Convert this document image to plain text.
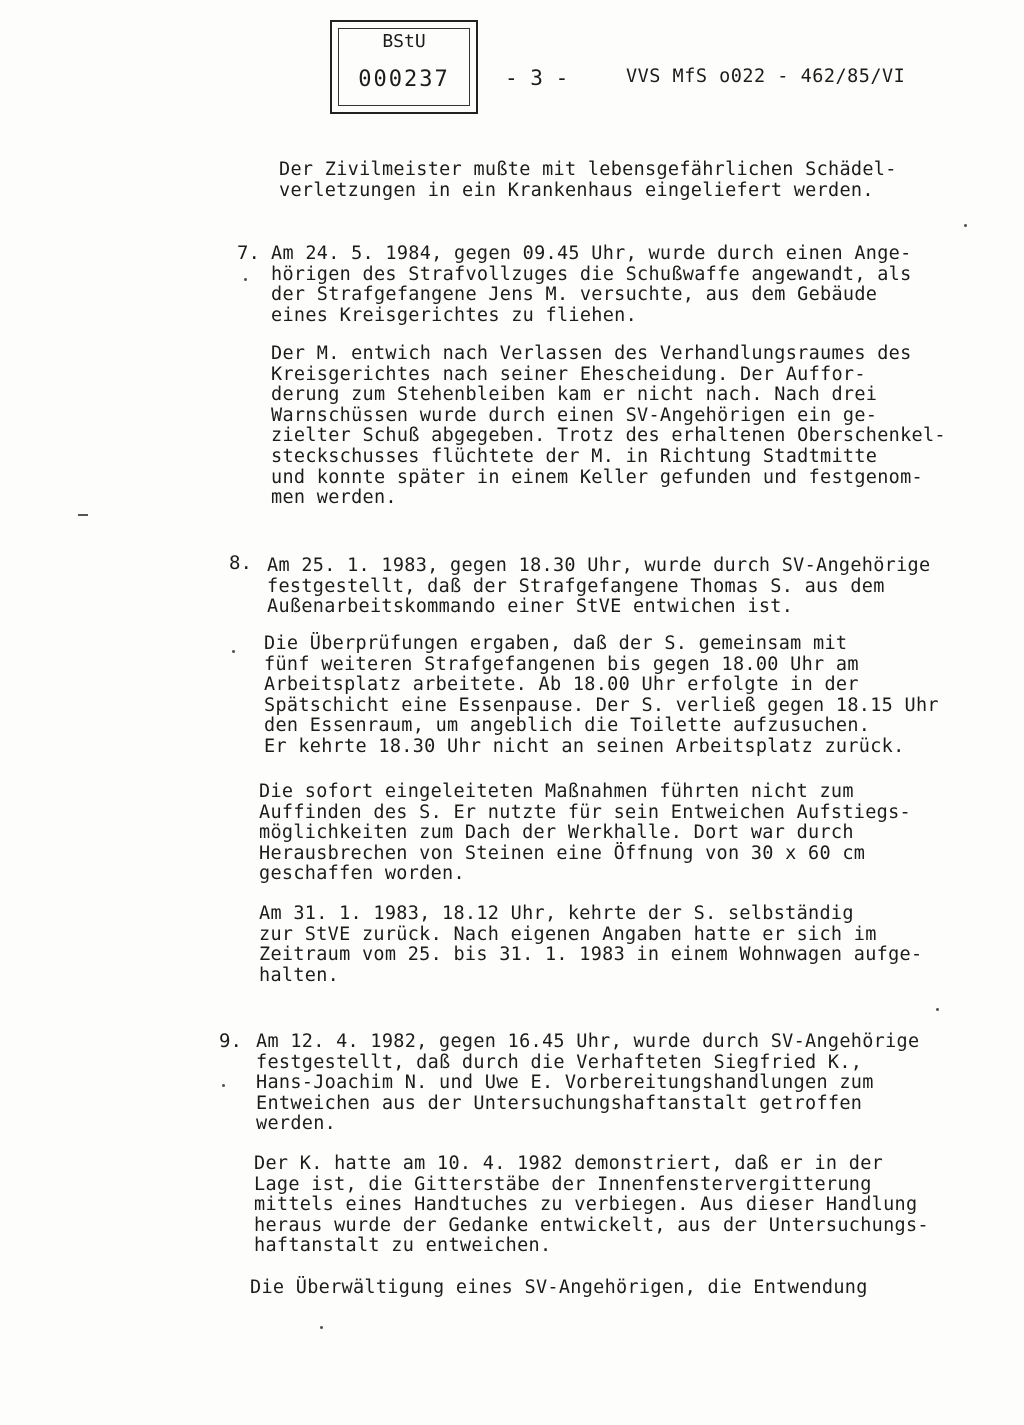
BStU
000237	- 3 -	VVS MfS o022 - 462/85/VI

Der Zivilmeister mußte mit lebensgefährlichen Schädel-
verletzungen in ein Krankenhaus eingeliefert werden.

7. Am 24. 5. 1984, gegen 09.45 Uhr, wurde durch einen Ange-
hörigen des Strafvollzuges die Schußwaffe angewandt, als
der Strafgefangene Jens M. versuchte, aus dem Gebäude
eines Kreisgerichtes zu fliehen.

Der M. entwich nach Verlassen des Verhandlungsraumes des
Kreisgerichtes nach seiner Ehescheidung. Der Auffor-
derung zum Stehenbleiben kam er nicht nach. Nach drei
Warnschüssen wurde durch einen SV-Angehörigen ein ge-
zielter Schuß abgegeben. Trotz des erhaltenen Oberschenkel-
steckschusses flüchtete der M. in Richtung Stadtmitte
und konnte später in einem Keller gefunden und festgenom-
men werden.

8. Am 25. 1. 1983, gegen 18.30 Uhr, wurde durch SV-Angehörige
festgestellt, daß der Strafgefangene Thomas S. aus dem
Außenarbeitskommando einer StVE entwichen ist.

Die Überprüfungen ergaben, daß der S. gemeinsam mit
fünf weiteren Strafgefangenen bis gegen 18.00 Uhr am
Arbeitsplatz arbeitete. Ab 18.00 Uhr erfolgte in der
Spätschicht eine Essenpause. Der S. verließ gegen 18.15 Uhr
den Essenraum, um angeblich die Toilette aufzusuchen.
Er kehrte 18.30 Uhr nicht an seinen Arbeitsplatz zurück.

Die sofort eingeleiteten Maßnahmen führten nicht zum
Auffinden des S. Er nutzte für sein Entweichen Aufstiegs-
möglichkeiten zum Dach der Werkhalle. Dort war durch
Herausbrechen von Steinen eine Öffnung von 30 x 60 cm
geschaffen worden.

Am 31. 1. 1983, 18.12 Uhr, kehrte der S. selbständig
zur StVE zurück. Nach eigenen Angaben hatte er sich im
Zeitraum vom 25. bis 31. 1. 1983 in einem Wohnwagen aufge-
halten.

9. Am 12. 4. 1982, gegen 16.45 Uhr, wurde durch SV-Angehörige
festgestellt, daß durch die Verhafteten Siegfried K.,
Hans-Joachim N. und Uwe E. Vorbereitungshandlungen zum
Entweichen aus der Untersuchungshaftanstalt getroffen
werden.

Der K. hatte am 10. 4. 1982 demonstriert, daß er in der
Lage ist, die Gitterstäbe der Innenfenstervergitterung
mittels eines Handtuches zu verbiegen. Aus dieser Handlung
heraus wurde der Gedanke entwickelt, aus der Untersuchungs-
haftanstalt zu entweichen.

Die Überwältigung eines SV-Angehörigen, die Entwendung
